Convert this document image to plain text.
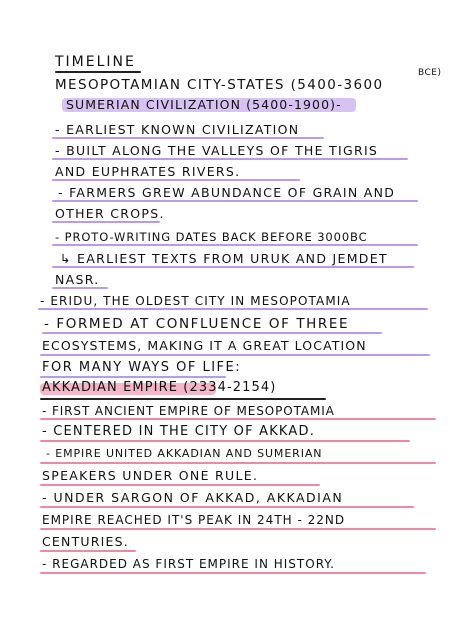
TIMELINE
MESOPOTAMIAN CITY-STATES (5400-3600
BCE)
SUMERIAN CIVILIZATION (5400-1900)-
- EARLIEST KNOWN CIVILIZATION
- BUILT ALONG THE VALLEYS OF THE TIGRIS
AND EUPHRATES RIVERS.
- FARMERS GREW ABUNDANCE OF GRAIN AND
OTHER CROPS.
- PROTO-WRITING DATES BACK BEFORE 3000BC
↳ EARLIEST TEXTS FROM URUK AND JEMDET
NASR.
- ERIDU, THE OLDEST CITY IN MESOPOTAMIA
- FORMED AT CONFLUENCE OF THREE
ECOSYSTEMS, MAKING IT A GREAT LOCATION
FOR MANY WAYS OF LIFE:
AKKADIAN EMPIRE (2334-2154)
- FIRST ANCIENT EMPIRE OF MESOPOTAMIA
- CENTERED IN THE CITY OF AKKAD.
- EMPIRE UNITED AKKADIAN AND SUMERIAN
SPEAKERS UNDER ONE RULE.
- UNDER SARGON OF AKKAD, AKKADIAN
EMPIRE REACHED IT'S PEAK IN 24TH - 22ND
CENTURIES.
- REGARDED AS FIRST EMPIRE IN HISTORY.
